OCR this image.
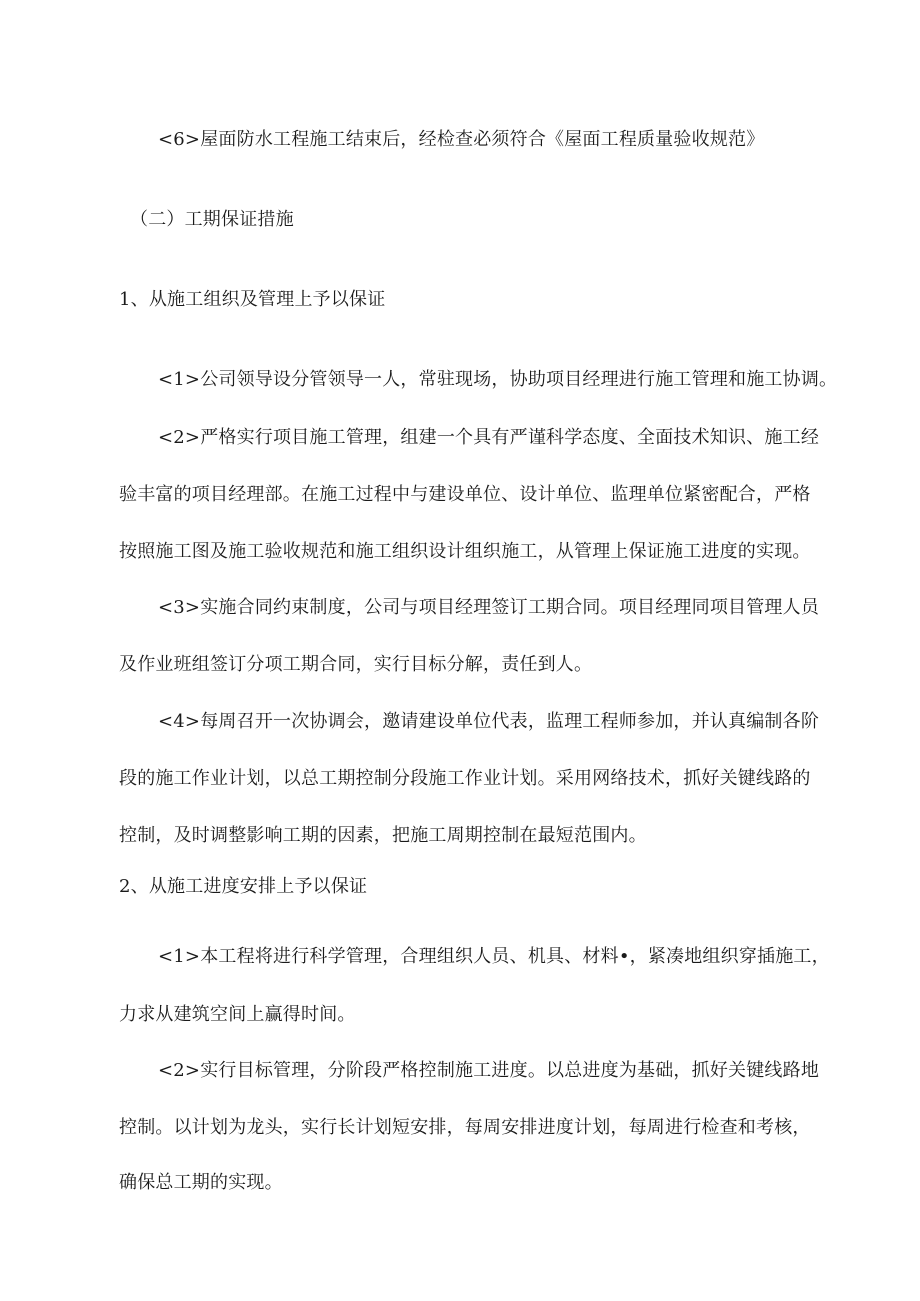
<6>屋面防水工程施工结束后，经检查必须符合《屋面工程质量验收规范》
（二）工期保证措施
1、从施工组织及管理上予以保证
<1>公司领导设分管领导一人，常驻现场，协助项目经理进行施工管理和施工协调。
<2>严格实行项目施工管理，组建一个具有严谨科学态度、全面技术知识、施工经
验丰富的项目经理部。在施工过程中与建设单位、设计单位、监理单位紧密配合，严格
按照施工图及施工验收规范和施工组织设计组织施工，从管理上保证施工进度的实现。
<3>实施合同约束制度，公司与项目经理签订工期合同。项目经理同项目管理人员
及作业班组签订分项工期合同，实行目标分解，责任到人。
<4>每周召开一次协调会，邀请建设单位代表，监理工程师参加，并认真编制各阶
段的施工作业计划，以总工期控制分段施工作业计划。采用网络技术，抓好关键线路的
控制，及时调整影响工期的因素，把施工周期控制在最短范围内。
2、从施工进度安排上予以保证
<1>本工程将进行科学管理，合理组织人员、机具、材料•，紧凑地组织穿插施工，
力求从建筑空间上赢得时间。
<2>实行目标管理，分阶段严格控制施工进度。以总进度为基础，抓好关键线路地
控制。以计划为龙头，实行长计划短安排，每周安排进度计划，每周进行检查和考核，
确保总工期的实现。
